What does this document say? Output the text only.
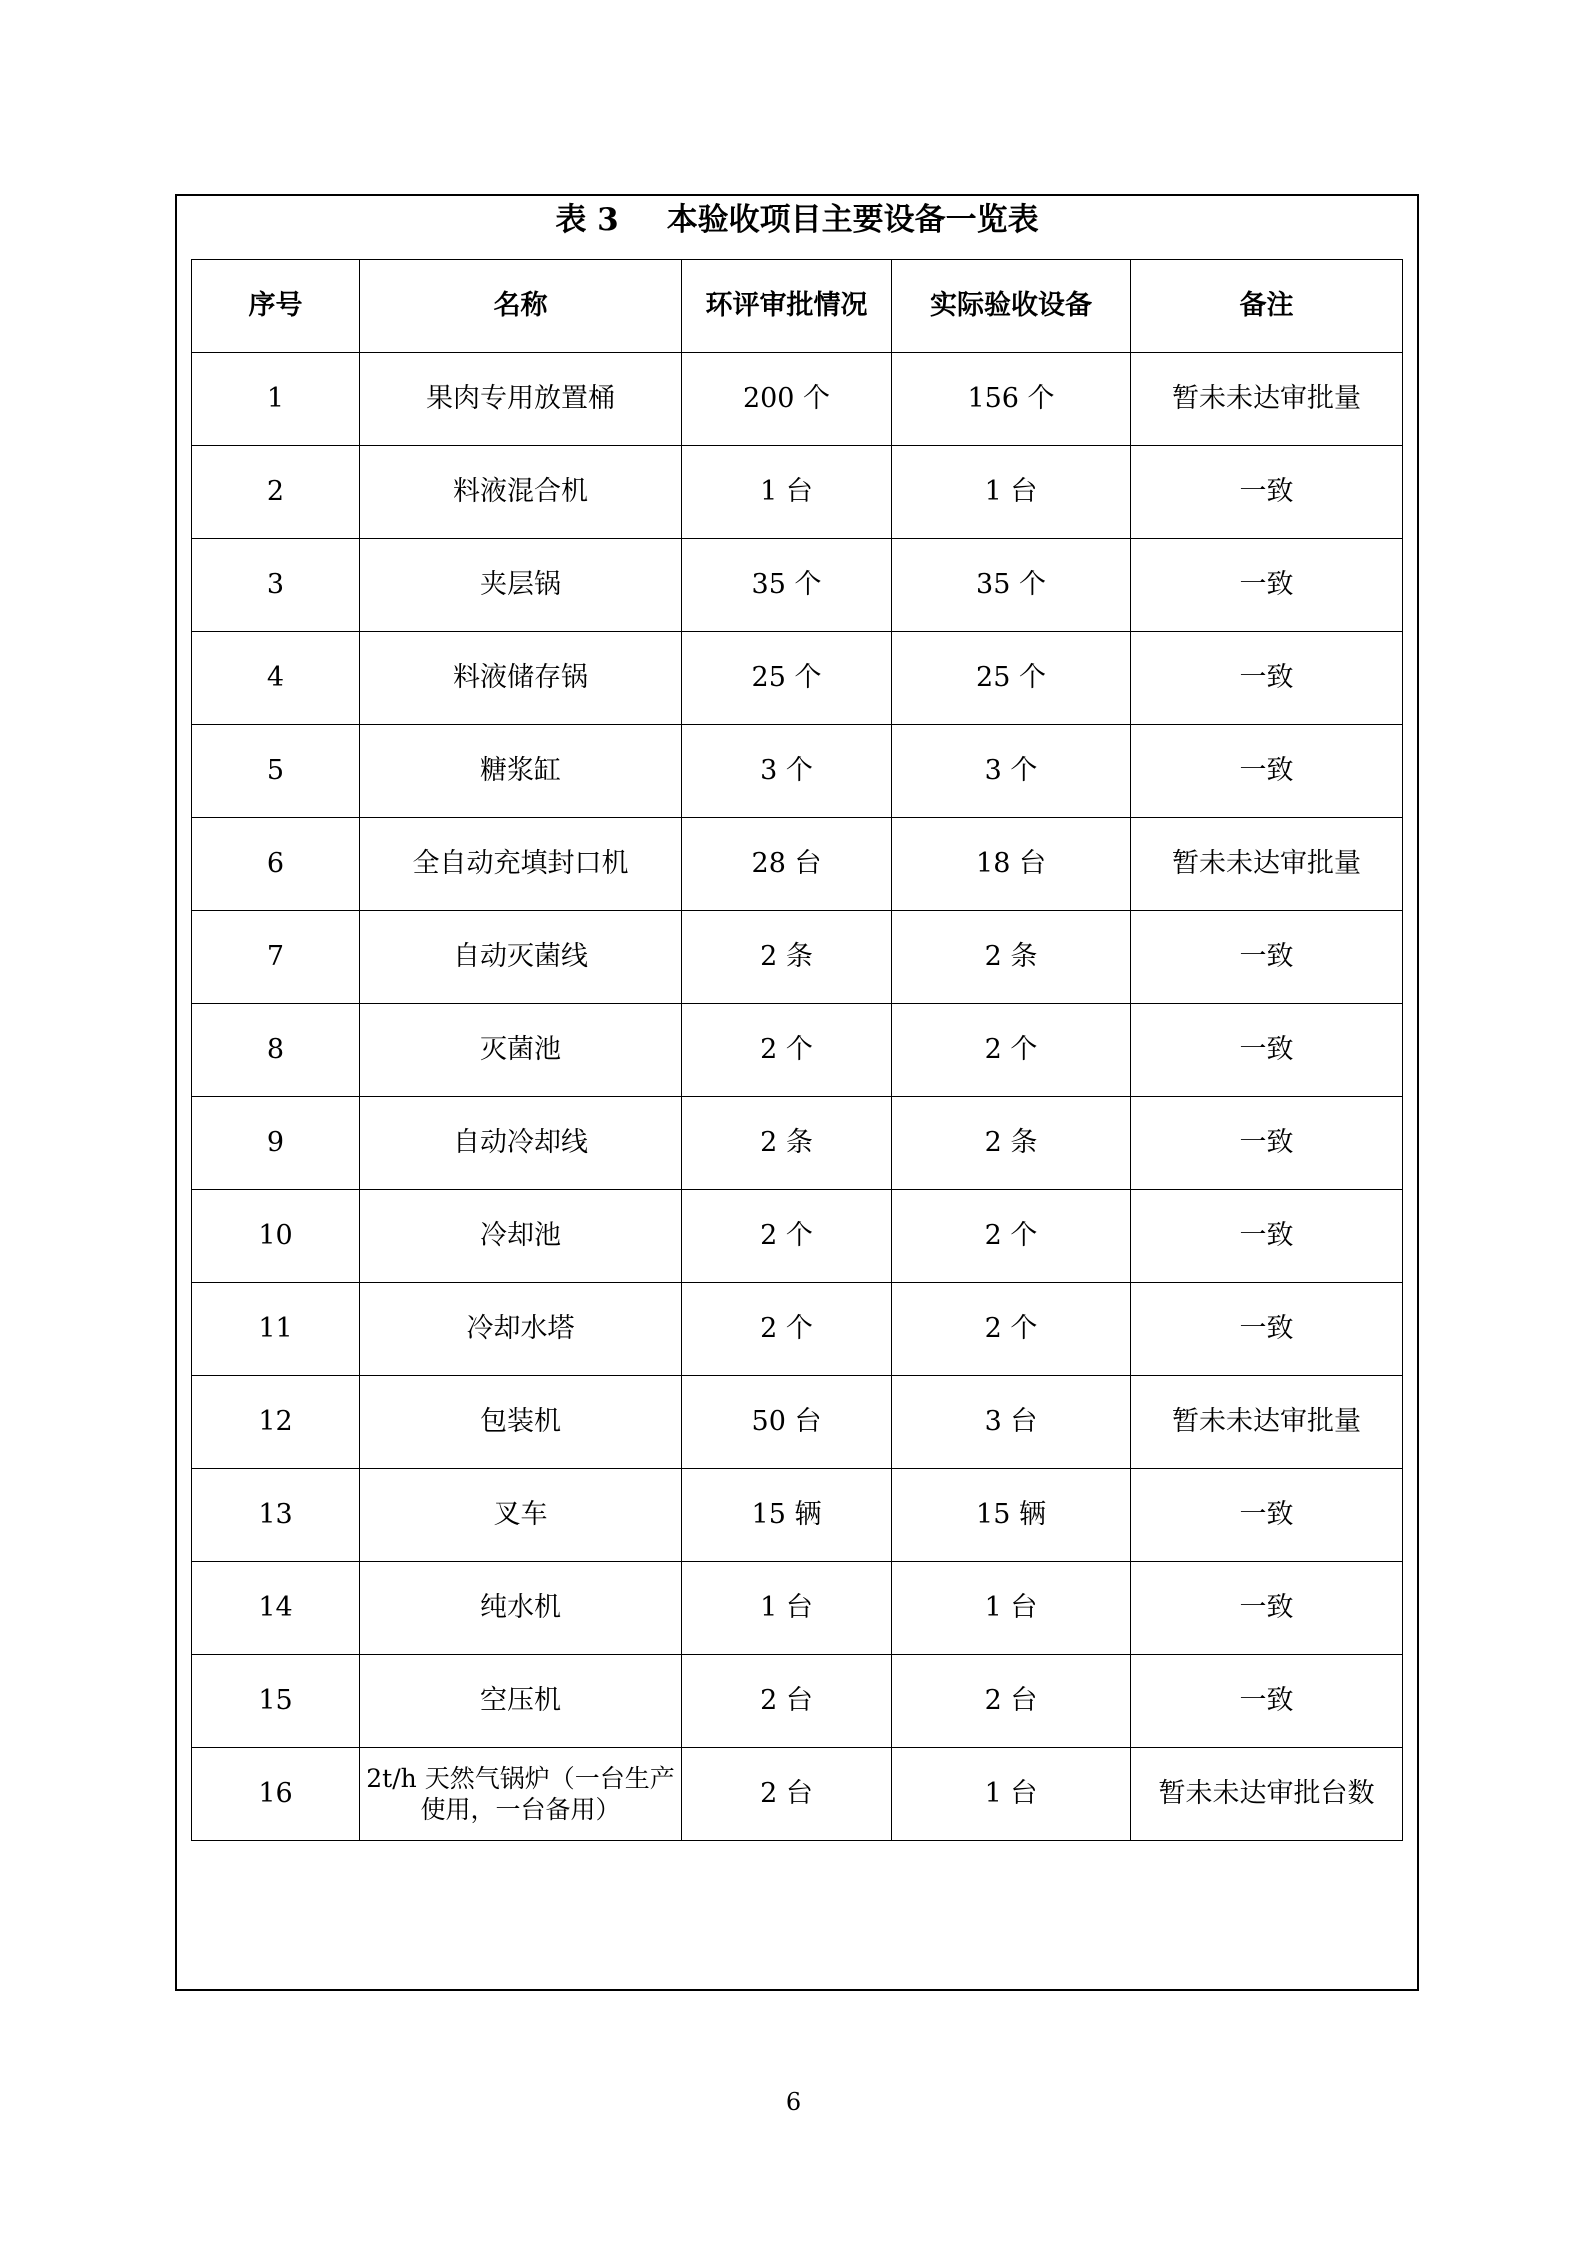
表 3 本验收项目主要设备一览表
序号	名称	环评审批情况	实际验收设备	备注
1	果肉专用放置桶	200 个	156 个	暂未未达审批量
2	料液混合机	1 台	1 台	一致
3	夹层锅	35 个	35 个	一致
4	料液储存锅	25 个	25 个	一致
5	糖浆缸	3 个	3 个	一致
6	全自动充填封口机	28 台	18 台	暂未未达审批量
7	自动灭菌线	2 条	2 条	一致
8	灭菌池	2 个	2 个	一致
9	自动冷却线	2 条	2 条	一致
10	冷却池	2 个	2 个	一致
11	冷却水塔	2 个	2 个	一致
12	包装机	50 台	3 台	暂未未达审批量
13	叉车	15 辆	15 辆	一致
14	纯水机	1 台	1 台	一致
15	空压机	2 台	2 台	一致
16	2t/h 天然气锅炉（一台生产使用，一台备用）	2 台	1 台	暂未未达审批台数
6
